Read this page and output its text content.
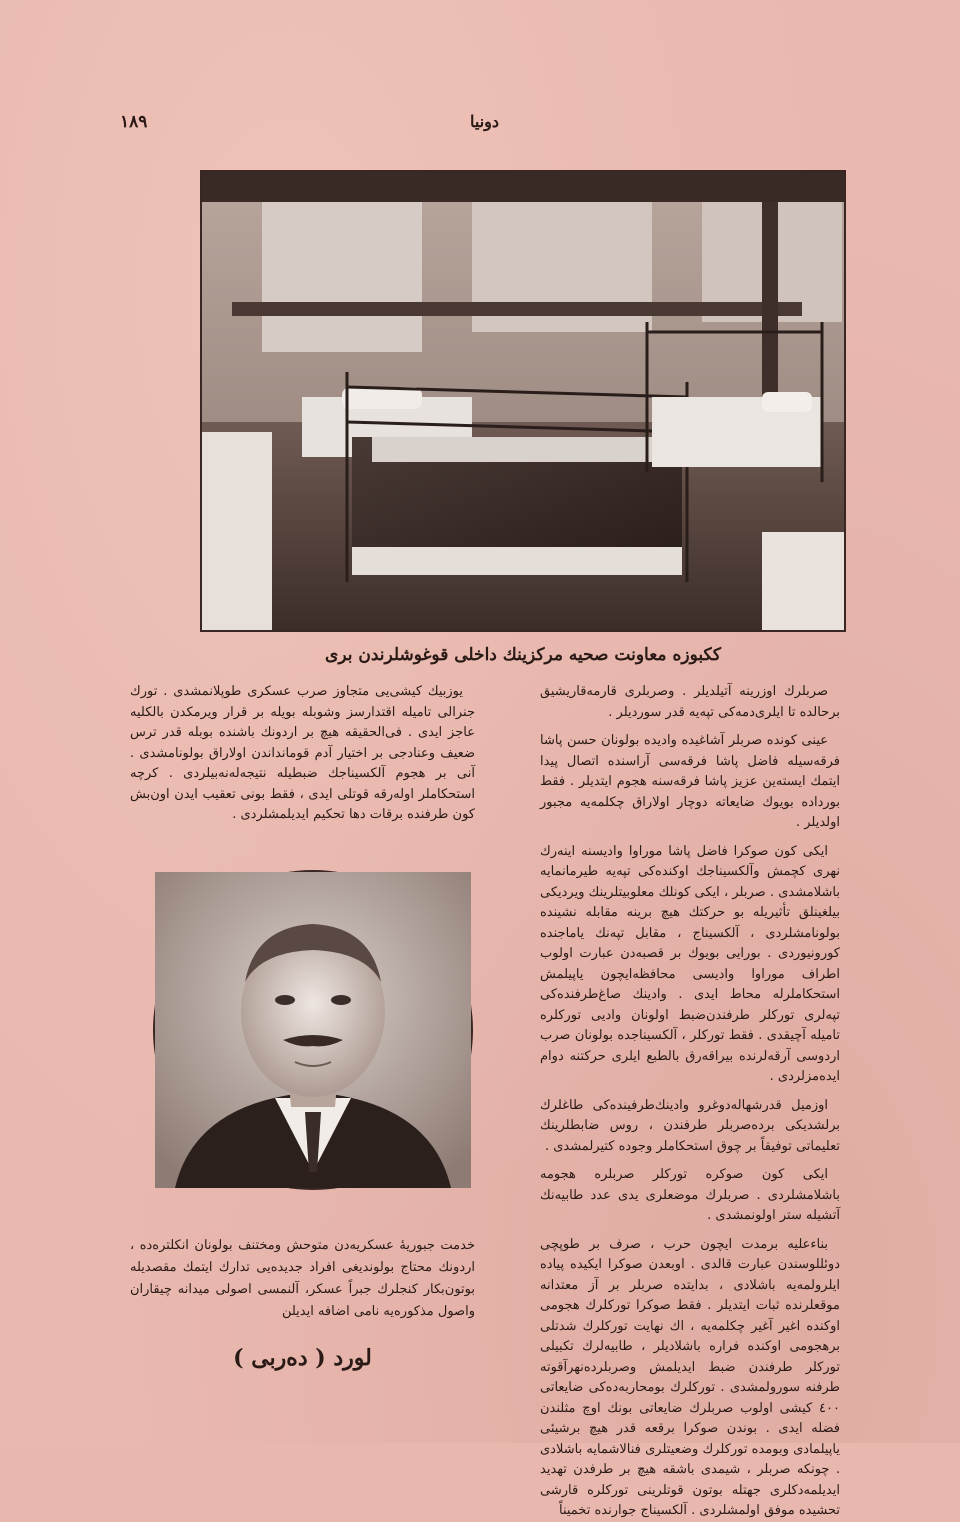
۱۸۹	دونیا
كکبوزه معاونت صحیه مرکزینك داخلی قوغوشلرندن بری

صربلرك اوزرینه آتیلدیلر . وصربلری قارمه‌قاریشیق برحالده تا ایلری‌دمه‌كی تپه‌یه قدر سوردیلر .

عینی کونده صربلر آشاغیده وادیده بولونان حسن پاشا فرقه‌سیله فاضل پاشا فرقه‌سی آراسنده اتصال پیدا ایتمك ایسته‌ین عزیز پاشا فرقه‌سنه هجوم ایتدیلر . فقط بورداده بویوك ضایعاته دوچار اولاراق چکلمه‌یه مجبور اولدیلر .

ایکی کون صوکرا فاضل پاشا موراوا وادیسنه اینه‌رك نهری کچمش وآلکسیناجك اوکنده‌كی تپه‌یه طیرمانمایه باشلامشدی . صربلر ، ایکی کونلك معلوبیتلرینك ویردیکی بیلغینلق تأثیریله بو حرکتك هیچ برینه مقابله نشینده بولونامشلردی ، آلکسیناج ، مقابل تپه‌نك یاماجنده کورونیوردی . بورایی بویوك بر قصبه‌دن عبارت اولوب اطراف موراوا وادیسی محافظه‌ایچون یاپیلمش استحکاملرله محاط ایدی . وادینك صاغ‌طرفنده‌كی تپه‌لری تورکلر طرفندن‌ضبط اولونان وادیی تورکلره تامیله آچیقدی . فقط تورکلر ، آلکسیناجده بولونان صرب اردوسی آرقه‌لرنده بیراقه‌رق بالطبع ایلری حرکتنه دوام ایده‌مزلردی .

اوزمیل قدرشهاله‌دوغرو وادینك‌طرفینده‌كی طاغلرك برلشدیکی برده‌صربلر طرفندن ، روس ضابطلرینك تعلیماتی توفیقاً بر چوق استحکاملر وجوده کتیرلمشدی .

ایکی کون صوکره تورکلر صربلره هجومه باشلامشلردی . صربلرك موضعلری یدی عدد طابیه‌نك آتشیله ستر اولونمشدی .

بناءعلیه برمدت ایچون حرب ، صرف بر طوپچی دوئللوسندن عبارت قالدی . اوبعدن صوکرا ایکیده پیاده ایلرولمه‌یه باشلادی ، بدایتده صربلر بر آز معتدانه موقعلرنده ثبات ایتدیلر . فقط صوکرا تورکلرك هجومی اوکنده اغیر آغیر چکلمه‌یه ، اك نهایت تورکلرك شدتلی برهجومی اوکنده فراره باشلادیلر ، طابیه‌لرك تکبیلی تورکلر طرفندن ضبط ایدیلمش وصربلرده‌نهرآقوته طرفنه سورولمشدی . تورکلرك بومحاربه‌ده‌كی ضایعاتی ٤٠٠ کیشی اولوب صربلرك ضایعاتی بونك اوچ مثلندن فضله ایدی . بوندن صوکرا برقعه قدر هیچ برشیئی یاپیلمادی وبومده تورکلرك وضعیتلری فنالاشمایه باشلادی . چونکه صربلر ، شیمدی باشقه هیچ بر طرفدن تهدید ایدیلمه‌دکلری جهتله بوتون قوتلرینی تورکلره قارشی تحشیده موفق اولمشلردی . آلکسیناج جوارنده تخمیناً

یوزبیك کیشی‌یی متجاوز صرب عسکری طوپلانمشدی . تورك جنرالی تامیله اقتدارسز وشوبله بویله بر قرار ویرمکدن بالکلیه عاجز ایدی . فی‌الحقیقه هیچ بر اردونك باشنده بوبله قدر ترس ضعیف وعنادجی بر اختیار آدم قومانداندن اولاراق بولونامشدی . آنی بر هجوم آلکسیناجك ضبطیله نتیجه‌له‌نه‌بیلردی . کرچه استحکاملر اوله‌رقه قوتلی ایدی ، فقط بونی تعقیب ایدن اون‌بش کون طرفنده برقات دها تحکیم ایدیلمشلردی .

خدمت جبوریهٔ عسکریه‌دن متوحش ومختنف بولونان انکلتره‌ده ، اردونك محتاج بولوندیغی افراد جدیده‌یی تدارك ایتمك مقصدیله بوتون‌بکار کنجلرك جبراً عسکر، آلنمسی اصولی میدانه چیقاران واصول مذکوره‌یه نامی اضافه ایدیلن
لورد ( ده‌ربی )
